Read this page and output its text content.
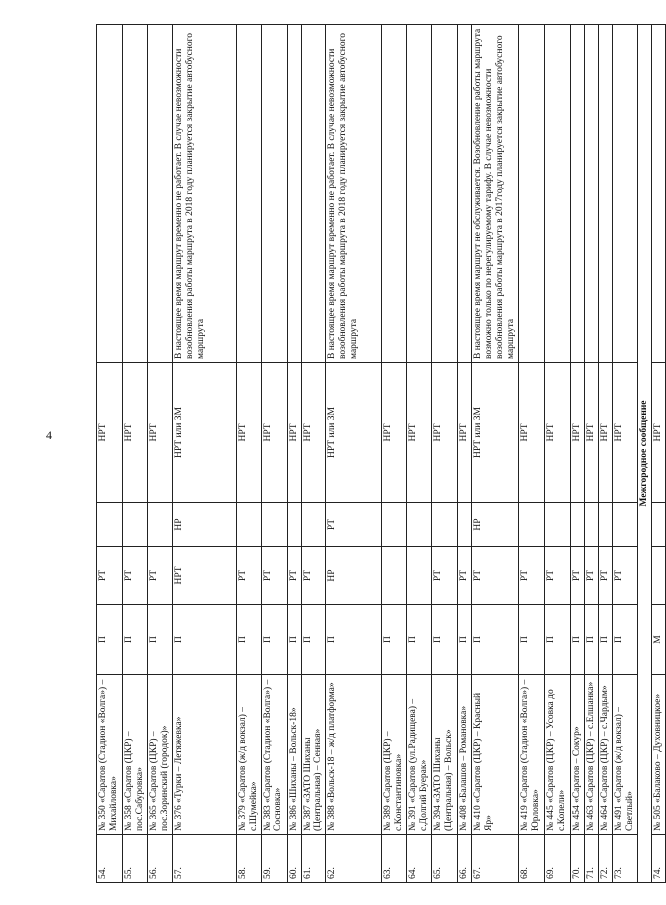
4
54.	№ 350 «Саратов (Стадион «Волга») – Михайловка»	П	РТ		НРТ	
55.	№ 358 «Саратов (ЦКР) – пос.Сабуровка»	П	РТ		НРТ	
56.	№ 365 «Саратов (ЦКР) – пос.Зоринский (городок)»	П	РТ		НРТ	
57.	№ 376 «Турки – Летяжевка»	П	НРТ	НР	НРТ или ЗМ	В настоящее время маршрут временно не работает. В случае невозможности возобновления работы маршрута в 2018 году планируется закрытие автобусного маршрута
58.	№ 379 «Саратов (ж/д вокзал) – с.Шумейка»	П	РТ		НРТ	
59.	№ 383 «Саратов (Стадион «Волга») – Сосновка»	П	РТ		НРТ	
60.	№ 386 «Шиханы – Вольск-18»	П	РТ		НРТ	
61.	№ 387 «ЗАТО Шиханы (Центральная) – Сенная»	П	РТ		НРТ	
62.	№ 388 «Вольск-18 – ж/д платформа»	П	НР	РТ	НРТ или ЗМ	В настоящее время маршрут временно не работает. В случае невозможности возобновления работы маршрута в 2018 году планируется закрытие автобусного маршрута
63.	№ 389 «Саратов (ЦКР) – с.Константиновка»	П			НРТ	
64.	№ 391 «Саратов (ул.Радищева) – с.Долгий Буерак»	П			НРТ	
65.	№ 394 «ЗАТО Шиханы (Центральная) – Вольск»	П	РТ		НРТ	
66.	№ 408 «Балашов – Романовка»	П	РТ		НРТ	
67.	№ 410 «Саратов (ЦКР) – Красный Яр»	П	РТ	НР	НРТ или ЗМ	В настоящее время маршрут не обслуживается. Возобновление работы маршрута возможно только по нерегулируемому тарифу. В случае невозможности возобновления работы маршрута в 2017году планируется закрытие автобусного маршрута
68.	№ 419 «Саратов (Стадион «Волга») – Юрловка»	П	РТ		НРТ	
69.	№ 445 «Саратов (ЦКР) – Усовка до с.Копели»	П	РТ		НРТ	
70.	№ 454 «Саратов – Сокур»	П	РТ		НРТ	
71.	№ 463 «Саратов (ЦКР) – с.Елшанка»	П	РТ		НРТ	
72.	№ 464 «Саратов (ЦКР) – с.Чардым»	П	РТ		НРТ	
73.	№ 491 «Саратов (ж/д вокзал) – Светлый»	П	РТ		НРТ	
Межгородное сообщение						
74.	№ 505 «Балаково – Духовницкое»	М			НРТ	
